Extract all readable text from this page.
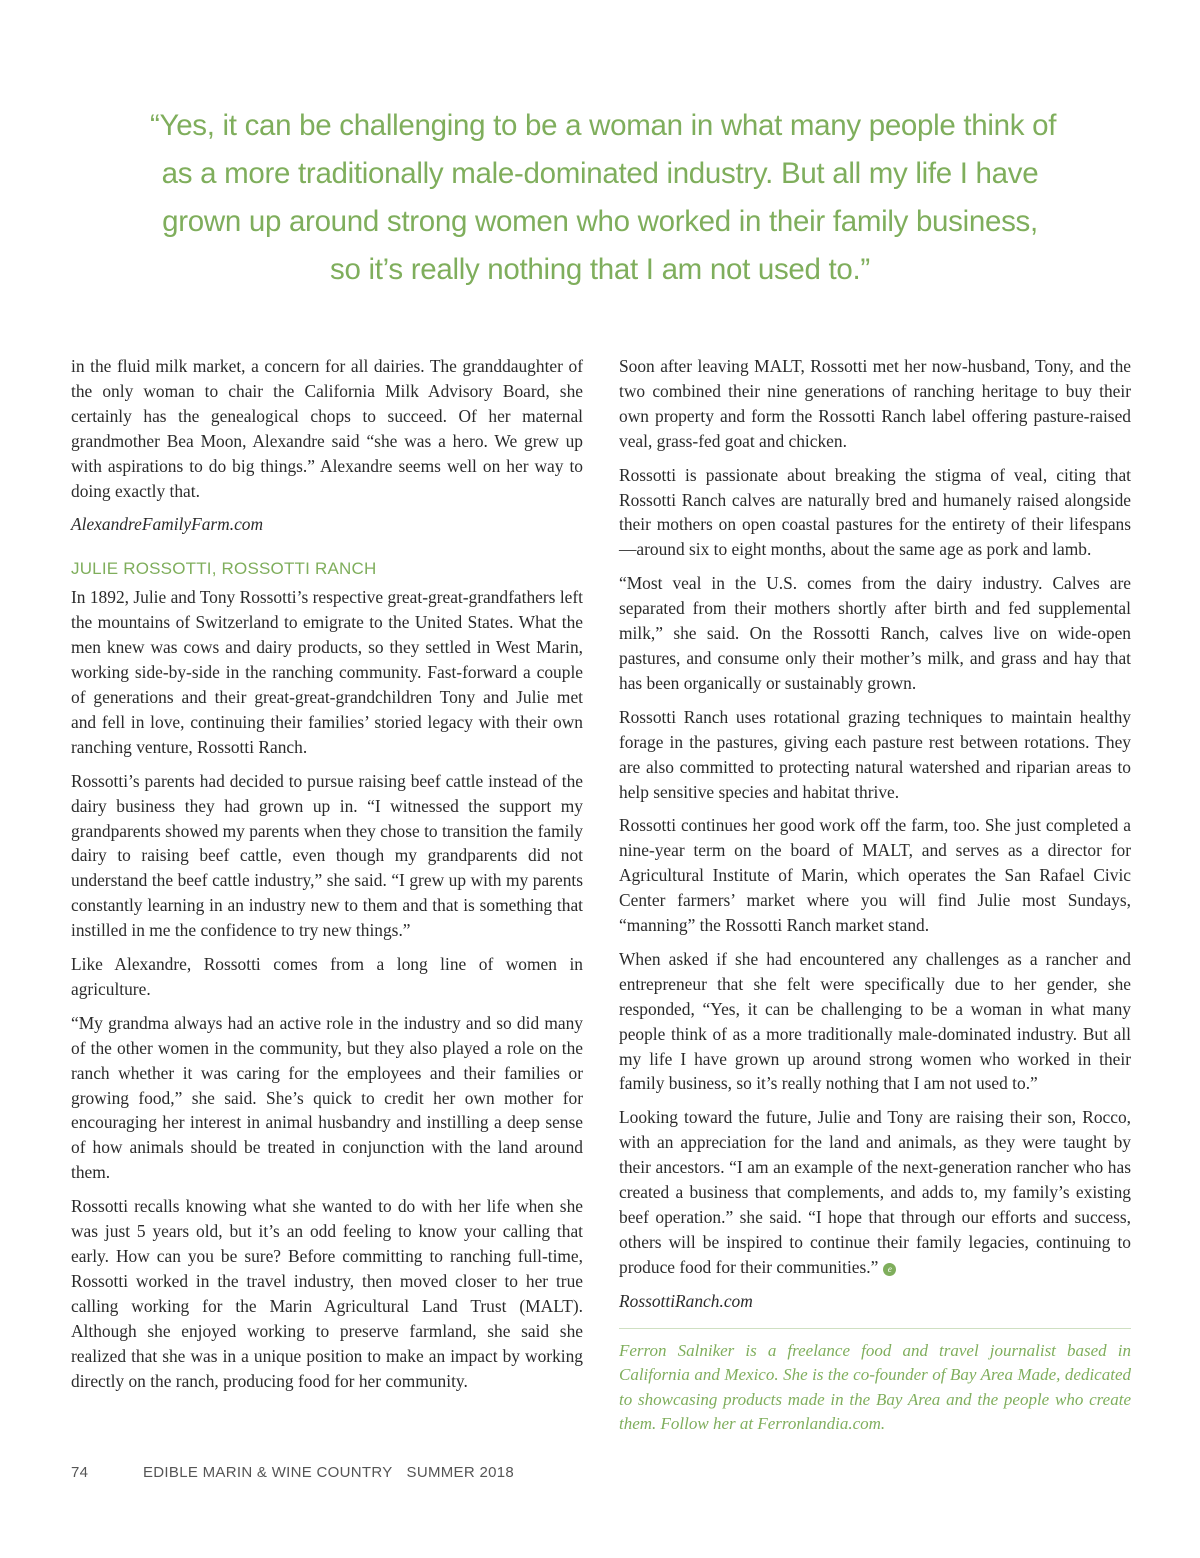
“Yes, it can be challenging to be a woman in what many people think of
as a more traditionally male-dominated industry. But all my life I have
grown up around strong women who worked in their family business,
so it’s really nothing that I am not used to.”

in the fluid milk market, a concern for all dairies. The granddaughter of the only woman to chair the California Milk Advisory Board, she certainly has the genealogical chops to succeed. Of her maternal grandmother Bea Moon, Alexandre said “she was a hero. We grew up with aspirations to do big things.” Alexandre seems well on her way to doing exactly that.

AlexandreFamilyFarm.com

JULIE ROSSOTTI, ROSSOTTI RANCH

In 1892, Julie and Tony Rossotti’s respective great-great-grandfathers left the mountains of Switzerland to emigrate to the United States. What the men knew was cows and dairy products, so they settled in West Marin, working side-by-side in the ranching community. Fast-forward a couple of generations and their great-great-grandchildren Tony and Julie met and fell in love, continuing their families’ storied legacy with their own ranching venture, Rossotti Ranch.

Rossotti’s parents had decided to pursue raising beef cattle instead of the dairy business they had grown up in. “I witnessed the support my grandparents showed my parents when they chose to transition the family dairy to raising beef cattle, even though my grandparents did not understand the beef cattle industry,” she said. “I grew up with my parents constantly learning in an industry new to them and that is something that instilled in me the confidence to try new things.”

Like Alexandre, Rossotti comes from a long line of women in agriculture.

“My grandma always had an active role in the industry and so did many of the other women in the community, but they also played a role on the ranch whether it was caring for the employees and their families or growing food,” she said. She’s quick to credit her own mother for encouraging her interest in animal husbandry and instilling a deep sense of how animals should be treated in conjunction with the land around them.

Rossotti recalls knowing what she wanted to do with her life when she was just 5 years old, but it’s an odd feeling to know your calling that early. How can you be sure? Before committing to ranching full-time, Rossotti worked in the travel industry, then moved closer to her true calling working for the Marin Agricultural Land Trust (MALT). Although she enjoyed working to preserve farmland, she said she realized that she was in a unique position to make an impact by working directly on the ranch, producing food for her community.

Soon after leaving MALT, Rossotti met her now-husband, Tony, and the two combined their nine generations of ranching heritage to buy their own property and form the Rossotti Ranch label offering pasture-raised veal, grass-fed goat and chicken.

Rossotti is passionate about breaking the stigma of veal, citing that Rossotti Ranch calves are naturally bred and humanely raised alongside their mothers on open coastal pastures for the entirety of their lifespans—around six to eight months, about the same age as pork and lamb.

“Most veal in the U.S. comes from the dairy industry. Calves are separated from their mothers shortly after birth and fed supplemental milk,” she said. On the Rossotti Ranch, calves live on wide-open pastures, and consume only their mother’s milk, and grass and hay that has been organically or sustainably grown.

Rossotti Ranch uses rotational grazing techniques to maintain healthy forage in the pastures, giving each pasture rest between rotations. They are also committed to protecting natural watershed and riparian areas to help sensitive species and habitat thrive.

Rossotti continues her good work off the farm, too. She just completed a nine-year term on the board of MALT, and serves as a director for Agricultural Institute of Marin, which operates the San Rafael Civic Center farmers’ market where you will find Julie most Sundays, “manning” the Rossotti Ranch market stand.

When asked if she had encountered any challenges as a rancher and entrepreneur that she felt were specifically due to her gender, she responded, “Yes, it can be challenging to be a woman in what many people think of as a more traditionally male-dominated industry. But all my life I have grown up around strong women who worked in their family business, so it’s really nothing that I am not used to.”

Looking toward the future, Julie and Tony are raising their son, Rocco, with an appreciation for the land and animals, as they were taught by their ancestors. “I am an example of the next-generation rancher who has created a business that complements, and adds to, my family’s existing beef operation.” she said. “I hope that through our efforts and success, others will be inspired to continue their family legacies, continuing to produce food for their communities.” e

RossottiRanch.com

Ferron Salniker is a freelance food and travel journalist based in California and Mexico. She is the co-founder of Bay Area Made, dedicated to showcasing products made in the Bay Area and the people who create them. Follow her at Ferronlandia.com.

74	EDIBLE MARIN & WINE COUNTRY SUMMER 2018
